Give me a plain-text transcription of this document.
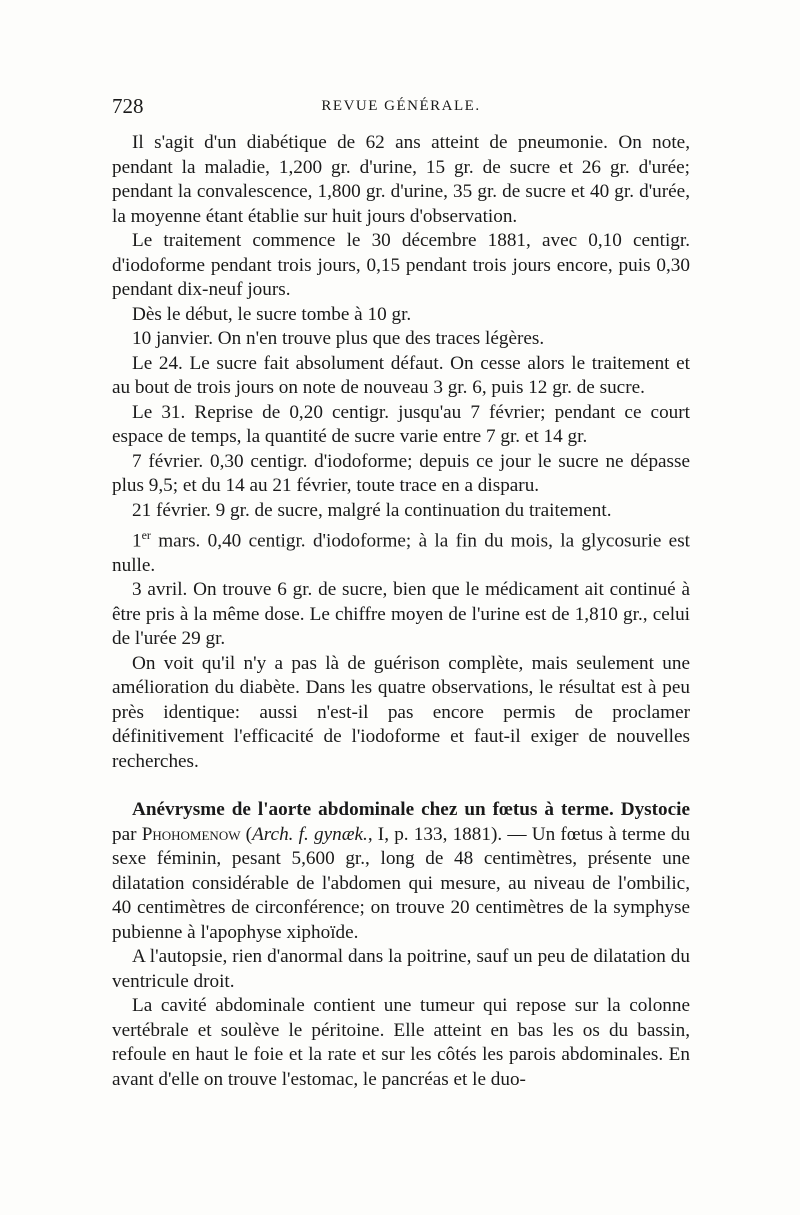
728	REVUE GÉNÉRALE.

Il s'agit d'un diabétique de 62 ans atteint de pneumonie. On note, pendant la maladie, 1,200 gr. d'urine, 15 gr. de sucre et 26 gr. d'urée; pendant la convalescence, 1,800 gr. d'urine, 35 gr. de sucre et 40 gr. d'urée, la moyenne étant établie sur huit jours d'observation.

Le traitement commence le 30 décembre 1881, avec 0,10 centigr. d'iodoforme pendant trois jours, 0,15 pendant trois jours encore, puis 0,30 pendant dix-neuf jours.

Dès le début, le sucre tombe à 10 gr.

10 janvier. On n'en trouve plus que des traces légères.

Le 24. Le sucre fait absolument défaut. On cesse alors le traitement et au bout de trois jours on note de nouveau 3 gr. 6, puis 12 gr. de sucre.

Le 31. Reprise de 0,20 centigr. jusqu'au 7 février; pendant ce court espace de temps, la quantité de sucre varie entre 7 gr. et 14 gr.

7 février. 0,30 centigr. d'iodoforme; depuis ce jour le sucre ne dépasse plus 9,5; et du 14 au 21 février, toute trace en a disparu.

21 février. 9 gr. de sucre, malgré la continuation du traitement.

1er mars. 0,40 centigr. d'iodoforme; à la fin du mois, la glycosurie est nulle.

3 avril. On trouve 6 gr. de sucre, bien que le médicament ait continué à être pris à la même dose. Le chiffre moyen de l'urine est de 1,810 gr., celui de l'urée 29 gr.

On voit qu'il n'y a pas là de guérison complète, mais seulement une amélioration du diabète. Dans les quatre observations, le résultat est à peu près identique: aussi n'est-il pas encore permis de proclamer définitivement l'efficacité de l'iodoforme et faut-il exiger de nouvelles recherches.

Anévrysme de l'aorte abdominale chez un fœtus à terme. Dystocie par Phohomenow (Arch. f. gynæk., I, p. 133, 1881). — Un fœtus à terme du sexe féminin, pesant 5,600 gr., long de 48 centimètres, présente une dilatation considérable de l'abdomen qui mesure, au niveau de l'ombilic, 40 centimètres de circonférence; on trouve 20 centimètres de la symphyse pubienne à l'apophyse xiphoïde.

A l'autopsie, rien d'anormal dans la poitrine, sauf un peu de dilatation du ventricule droit.

La cavité abdominale contient une tumeur qui repose sur la colonne vertébrale et soulève le péritoine. Elle atteint en bas les os du bassin, refoule en haut le foie et la rate et sur les côtés les parois abdominales. En avant d'elle on trouve l'estomac, le pancréas et le duo-
